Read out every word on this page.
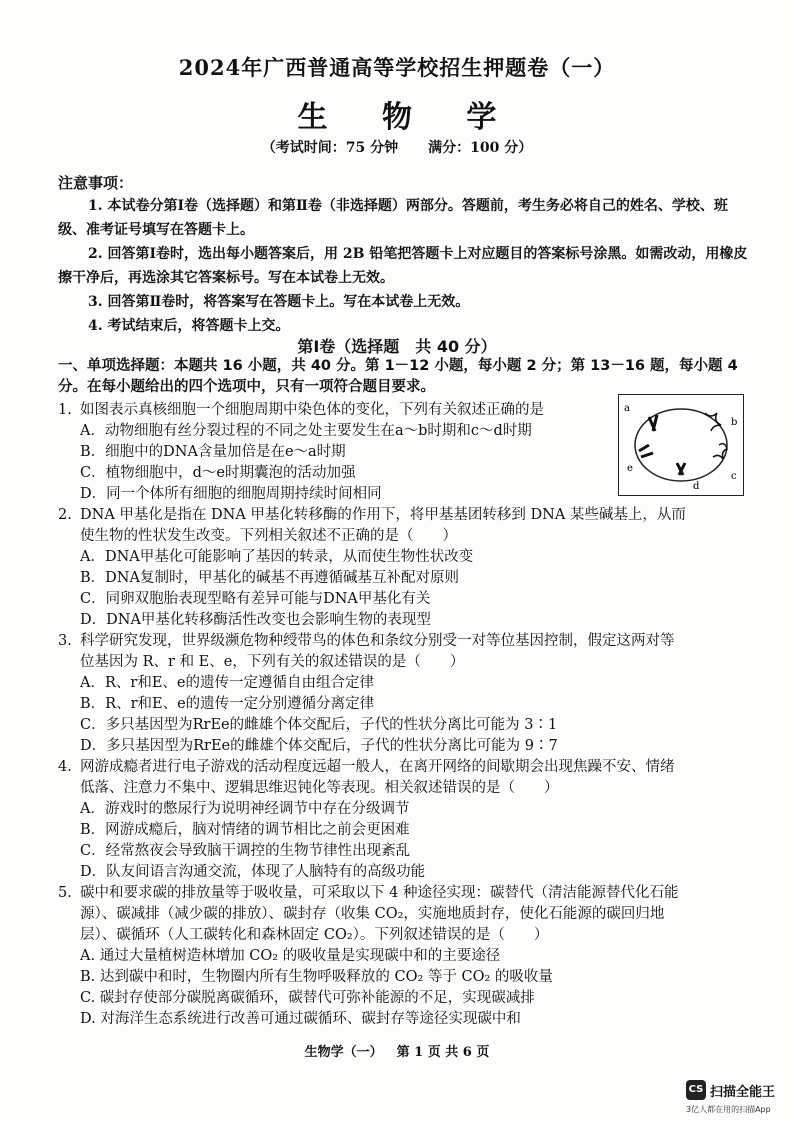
2024年广西普通高等学校招生押题卷（一）
生 物 学
（考试时间：75 分钟 满分：100 分）
注意事项：

1. 本试卷分第Ⅰ卷（选择题）和第Ⅱ卷（非选择题）两部分。答题前，考生务必将自己的姓名、学校、班级、准考证号填写在答题卡上。

2. 回答第Ⅰ卷时，选出每小题答案后，用 2B 铅笔把答题卡上对应题目的答案标号涂黑。如需改动，用橡皮擦干净后，再选涂其它答案标号。写在本试卷上无效。

3. 回答第Ⅱ卷时，将答案写在答题卡上。写在本试卷上无效。

4. 考试结束后，将答题卡上交。

第Ⅰ卷（选择题　共 40 分）
一、单项选择题：本题共 16 小题，共 40 分。第 1－12 小题，每小题 2 分；第 13－16 题，每小题 4 分。在每小题给出的四个选项中，只有一项符合题目要求。

1. 如图表示真核细胞一个细胞周期中染色体的变化，下列有关叙述正确的是

A．动物细胞有丝分裂过程的不同之处主要发生在a～b时期和c～d时期

B．细胞中的DNA含量加倍是在e～a时期

C．植物细胞中，d～e时期囊泡的活动加强

D．同一个体所有细胞的细胞周期持续时间相同

a
b
c
d
e

2. DNA 甲基化是指在 DNA 甲基化转移酶的作用下，将甲基基团转移到 DNA 某些碱基上，从而

使生物的性状发生改变。下列相关叙述不正确的是（　　）

A．DNA甲基化可能影响了基因的转录，从而使生物性状改变

B．DNA复制时，甲基化的碱基不再遵循碱基互补配对原则

C．同卵双胞胎表现型略有差异可能与DNA甲基化有关

D．DNA甲基化转移酶活性改变也会影响生物的表现型

3. 科学研究发现，世界级濒危物种绶带鸟的体色和条纹分别受一对等位基因控制，假定这两对等

位基因为 R、r 和 E、e，下列有关的叙述错误的是（　　）

A．R、r和E、e的遗传一定遵循自由组合定律

B．R、r和E、e的遗传一定分别遵循分离定律

C．多只基因型为RrEe的雌雄个体交配后，子代的性状分离比可能为 3∶1

D．多只基因型为RrEe的雌雄个体交配后，子代的性状分离比可能为 9∶7

4. 网游成瘾者进行电子游戏的活动程度远超一般人，在离开网络的间歇期会出现焦躁不安、情绪

低落、注意力不集中、逻辑思维迟钝化等表现。相关叙述错误的是（　　）

A．游戏时的憋尿行为说明神经调节中存在分级调节

B．网游成瘾后，脑对情绪的调节相比之前会更困难

C．经常熬夜会导致脑干调控的生物节律性出现紊乱

D．队友间语言沟通交流，体现了人脑特有的高级功能

5. 碳中和要求碳的排放量等于吸收量，可采取以下 4 种途径实现：碳替代（清洁能源替代化石能

源）、碳减排（减少碳的排放）、碳封存（收集 CO₂，实施地质封存，使化石能源的碳回归地

层）、碳循环（人工碳转化和森林固定 CO₂）。下列叙述错误的是（　　）

A. 通过大量植树造林增加 CO₂ 的吸收量是实现碳中和的主要途径

B. 达到碳中和时，生物圈内所有生物呼吸释放的 CO₂ 等于 CO₂ 的吸收量

C. 碳封存使部分碳脱离碳循环，碳替代可弥补能源的不足，实现碳减排

D. 对海洋生态系统进行改善可通过碳循环、碳封存等途径实现碳中和

生物学（一） 第 1 页 共 6 页
CS 扫描全能王
3亿人都在用的扫描App
